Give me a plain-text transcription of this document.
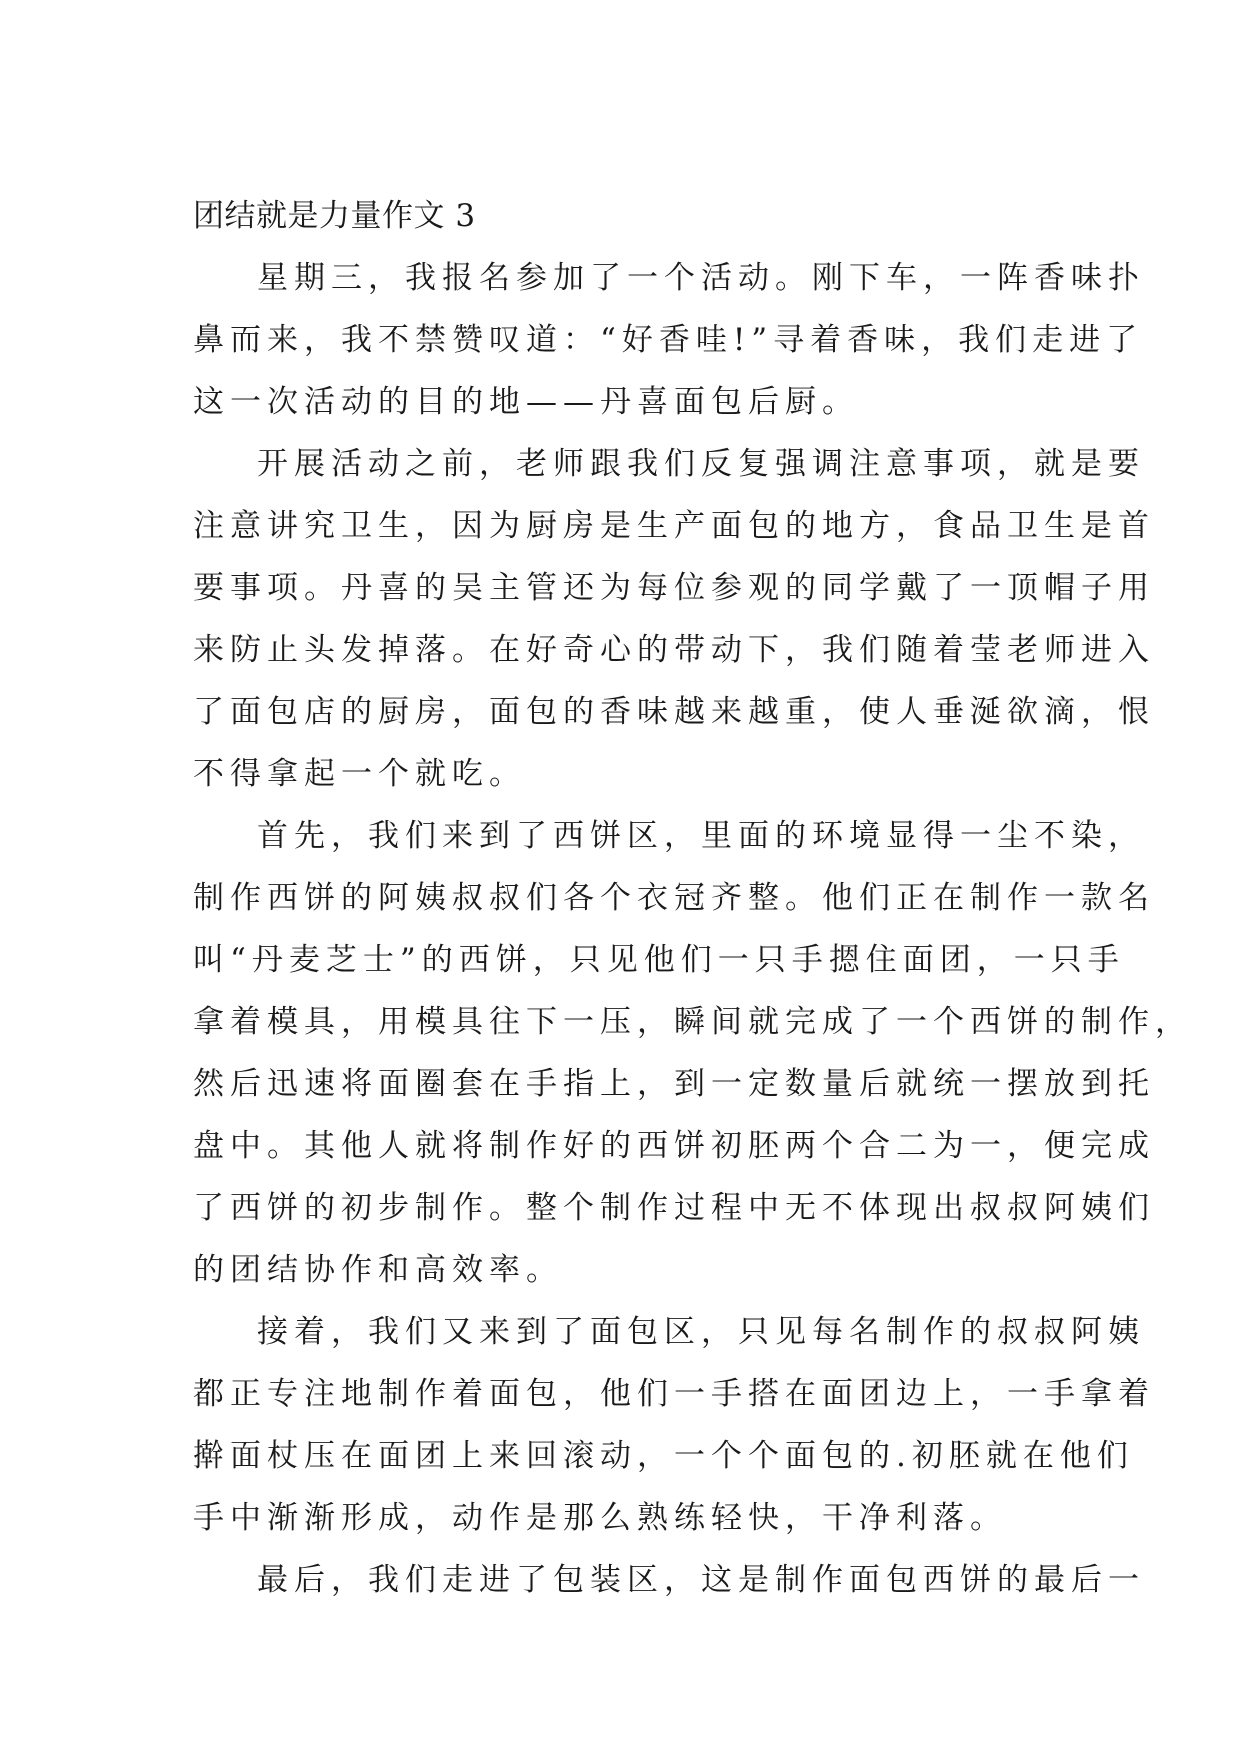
团结就是力量作文 3

星期三，我报名参加了一个活动。刚下车，一阵香味扑
鼻而来，我不禁赞叹道：“好香哇!”寻着香味，我们走进了
这一次活动的目的地——丹喜面包后厨。

开展活动之前，老师跟我们反复强调注意事项，就是要
注意讲究卫生，因为厨房是生产面包的地方，食品卫生是首
要事项。丹喜的吴主管还为每位参观的同学戴了一顶帽子用
来防止头发掉落。在好奇心的带动下，我们随着莹老师进入
了面包店的厨房，面包的香味越来越重，使人垂涎欲滴，恨
不得拿起一个就吃。

首先，我们来到了西饼区，里面的环境显得一尘不染，
制作西饼的阿姨叔叔们各个衣冠齐整。他们正在制作一款名
叫“丹麦芝士”的西饼，只见他们一只手摁住面团，一只手
拿着模具，用模具往下一压，瞬间就完成了一个西饼的制作，
然后迅速将面圈套在手指上，到一定数量后就统一摆放到托
盘中。其他人就将制作好的西饼初胚两个合二为一，便完成
了西饼的初步制作。整个制作过程中无不体现出叔叔阿姨们
的团结协作和高效率。

接着，我们又来到了面包区，只见每名制作的叔叔阿姨
都正专注地制作着面包，他们一手搭在面团边上，一手拿着
擀面杖压在面团上来回滚动，一个个面包的.初胚就在他们
手中渐渐形成，动作是那么熟练轻快，干净利落。

最后，我们走进了包装区，这是制作面包西饼的最后一
